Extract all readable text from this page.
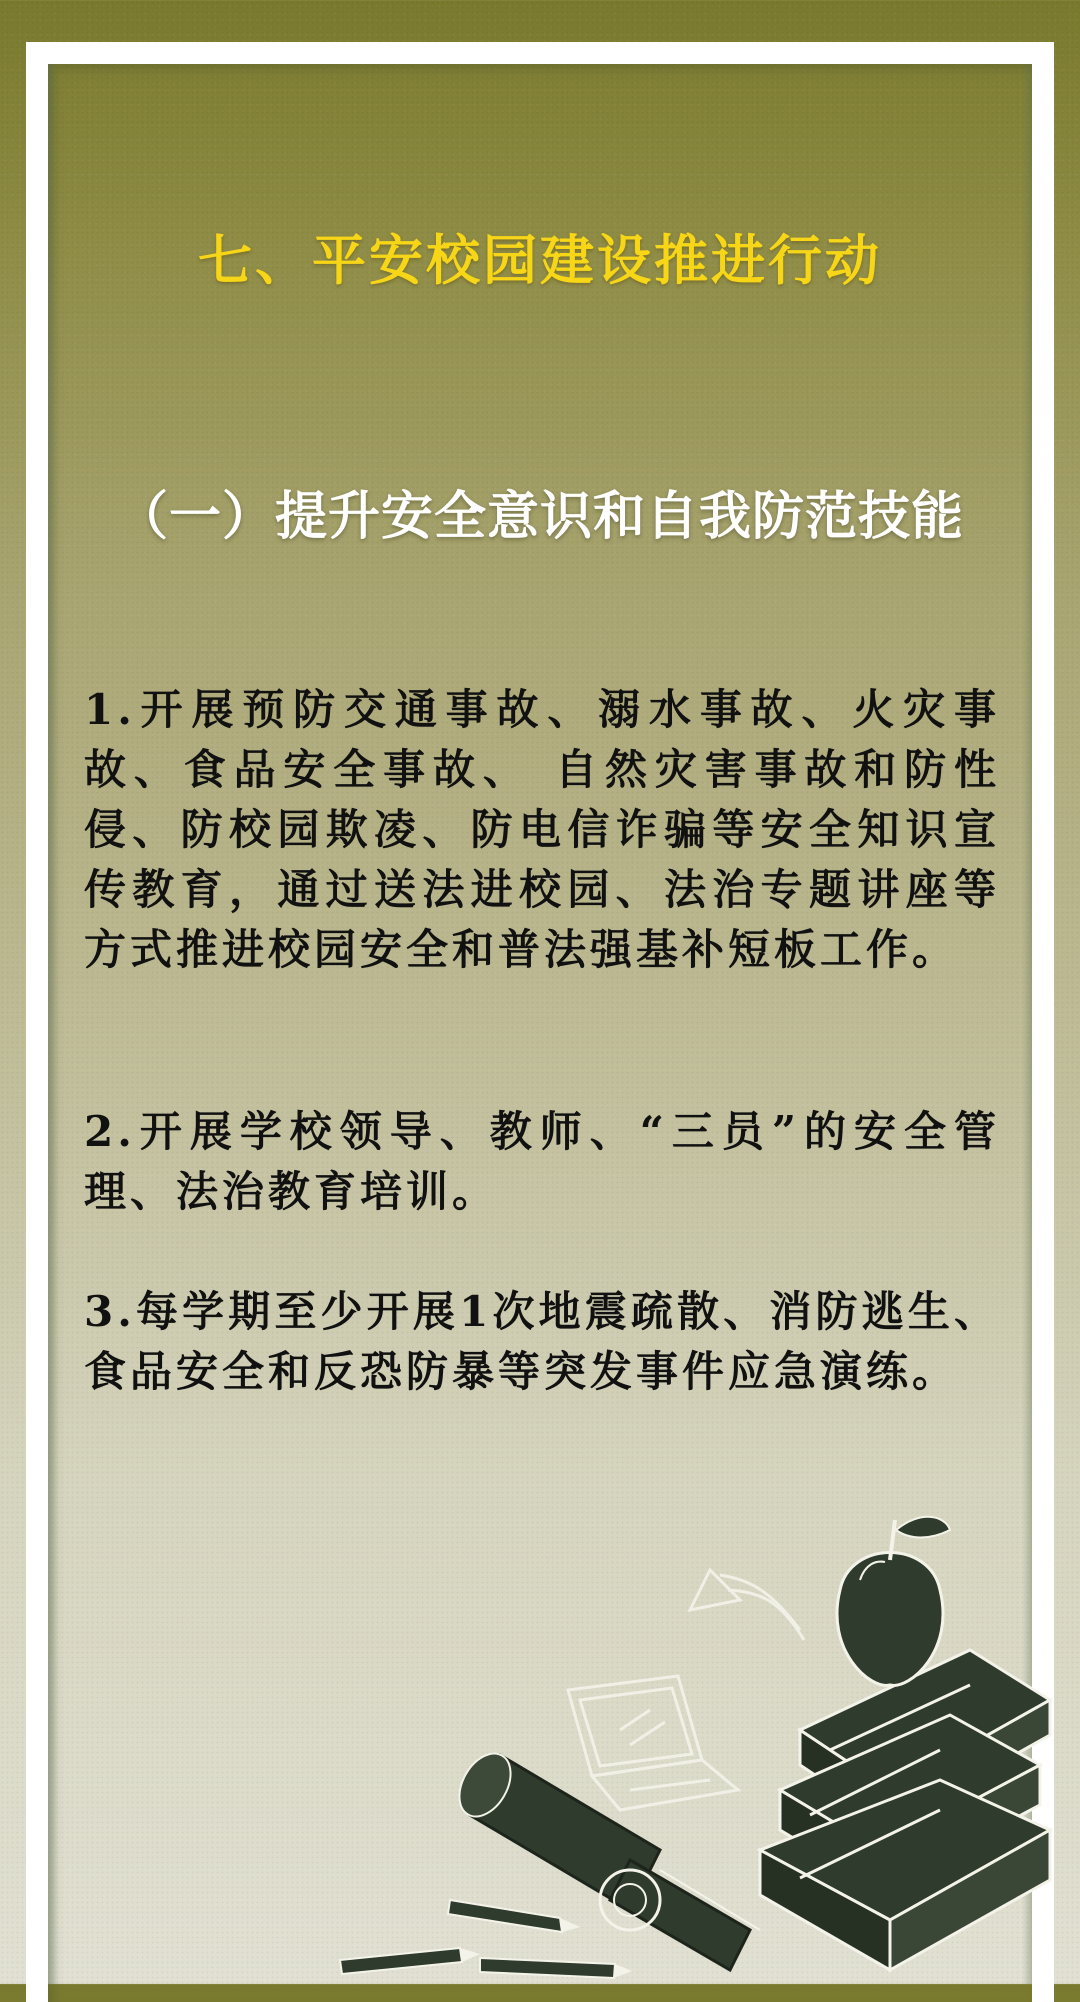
七、平安校园建设推进行动
（一）提升安全意识和自我防范技能
1.开展预防交通事故、溺水事故、火灾事故、食品安全事故、 自然灾害事故和防性侵、防校园欺凌、防电信诈骗等安全知识宣传教育，通过送法进校园、法治专题讲座等方式推进校园安全和普法强基补短板工作。
2.开展学校领导、教师、“三员”的安全管理、法治教育培训。
3.每学期至少开展1次地震疏散、消防逃生、食品安全和反恐防暴等突发事件应急演练。
